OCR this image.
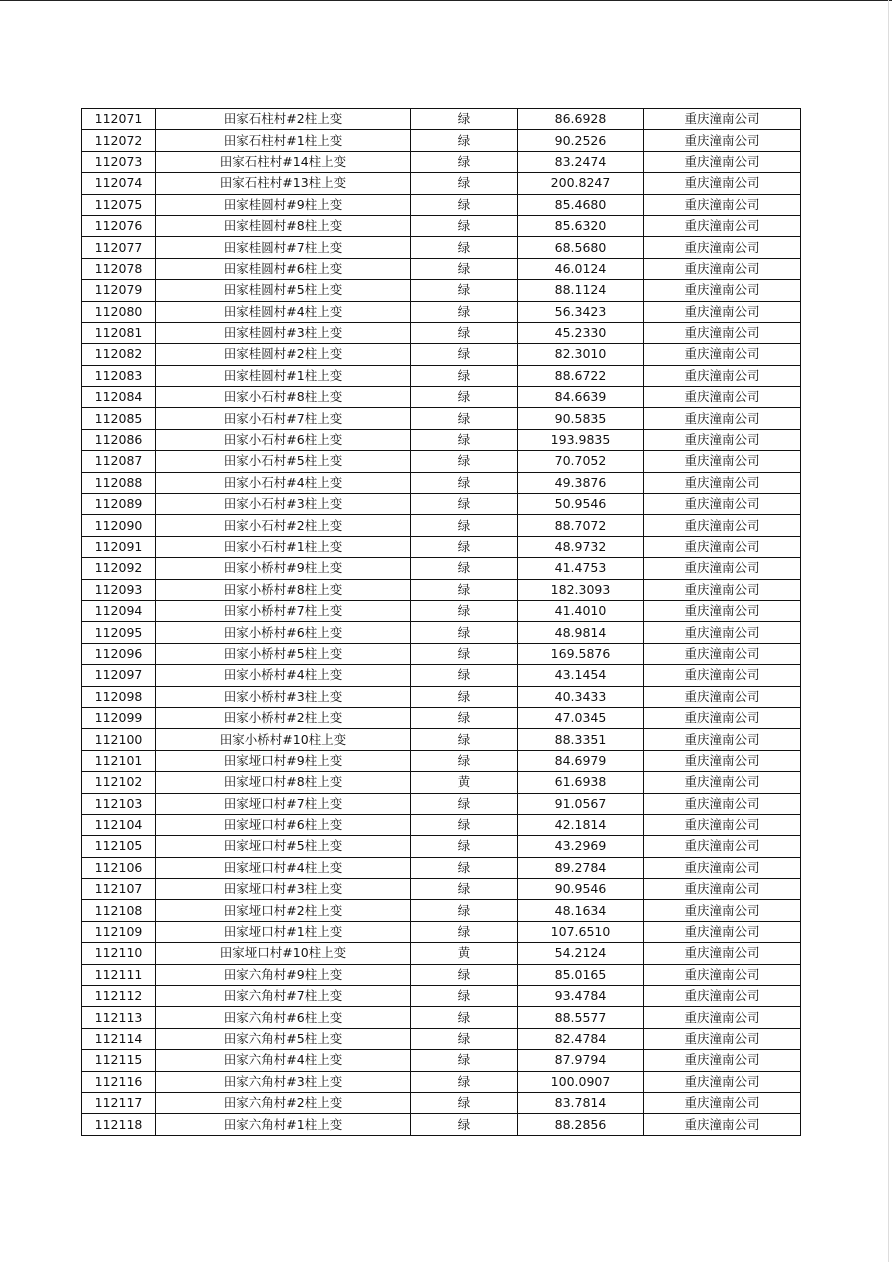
112071	田家石柱村#2柱上变	绿	86.6928	重庆潼南公司
112072	田家石柱村#1柱上变	绿	90.2526	重庆潼南公司
112073	田家石柱村#14柱上变	绿	83.2474	重庆潼南公司
112074	田家石柱村#13柱上变	绿	200.8247	重庆潼南公司
112075	田家桂圆村#9柱上变	绿	85.4680	重庆潼南公司
112076	田家桂圆村#8柱上变	绿	85.6320	重庆潼南公司
112077	田家桂圆村#7柱上变	绿	68.5680	重庆潼南公司
112078	田家桂圆村#6柱上变	绿	46.0124	重庆潼南公司
112079	田家桂圆村#5柱上变	绿	88.1124	重庆潼南公司
112080	田家桂圆村#4柱上变	绿	56.3423	重庆潼南公司
112081	田家桂圆村#3柱上变	绿	45.2330	重庆潼南公司
112082	田家桂圆村#2柱上变	绿	82.3010	重庆潼南公司
112083	田家桂圆村#1柱上变	绿	88.6722	重庆潼南公司
112084	田家小石村#8柱上变	绿	84.6639	重庆潼南公司
112085	田家小石村#7柱上变	绿	90.5835	重庆潼南公司
112086	田家小石村#6柱上变	绿	193.9835	重庆潼南公司
112087	田家小石村#5柱上变	绿	70.7052	重庆潼南公司
112088	田家小石村#4柱上变	绿	49.3876	重庆潼南公司
112089	田家小石村#3柱上变	绿	50.9546	重庆潼南公司
112090	田家小石村#2柱上变	绿	88.7072	重庆潼南公司
112091	田家小石村#1柱上变	绿	48.9732	重庆潼南公司
112092	田家小桥村#9柱上变	绿	41.4753	重庆潼南公司
112093	田家小桥村#8柱上变	绿	182.3093	重庆潼南公司
112094	田家小桥村#7柱上变	绿	41.4010	重庆潼南公司
112095	田家小桥村#6柱上变	绿	48.9814	重庆潼南公司
112096	田家小桥村#5柱上变	绿	169.5876	重庆潼南公司
112097	田家小桥村#4柱上变	绿	43.1454	重庆潼南公司
112098	田家小桥村#3柱上变	绿	40.3433	重庆潼南公司
112099	田家小桥村#2柱上变	绿	47.0345	重庆潼南公司
112100	田家小桥村#10柱上变	绿	88.3351	重庆潼南公司
112101	田家垭口村#9柱上变	绿	84.6979	重庆潼南公司
112102	田家垭口村#8柱上变	黄	61.6938	重庆潼南公司
112103	田家垭口村#7柱上变	绿	91.0567	重庆潼南公司
112104	田家垭口村#6柱上变	绿	42.1814	重庆潼南公司
112105	田家垭口村#5柱上变	绿	43.2969	重庆潼南公司
112106	田家垭口村#4柱上变	绿	89.2784	重庆潼南公司
112107	田家垭口村#3柱上变	绿	90.9546	重庆潼南公司
112108	田家垭口村#2柱上变	绿	48.1634	重庆潼南公司
112109	田家垭口村#1柱上变	绿	107.6510	重庆潼南公司
112110	田家垭口村#10柱上变	黄	54.2124	重庆潼南公司
112111	田家六角村#9柱上变	绿	85.0165	重庆潼南公司
112112	田家六角村#7柱上变	绿	93.4784	重庆潼南公司
112113	田家六角村#6柱上变	绿	88.5577	重庆潼南公司
112114	田家六角村#5柱上变	绿	82.4784	重庆潼南公司
112115	田家六角村#4柱上变	绿	87.9794	重庆潼南公司
112116	田家六角村#3柱上变	绿	100.0907	重庆潼南公司
112117	田家六角村#2柱上变	绿	83.7814	重庆潼南公司
112118	田家六角村#1柱上变	绿	88.2856	重庆潼南公司
